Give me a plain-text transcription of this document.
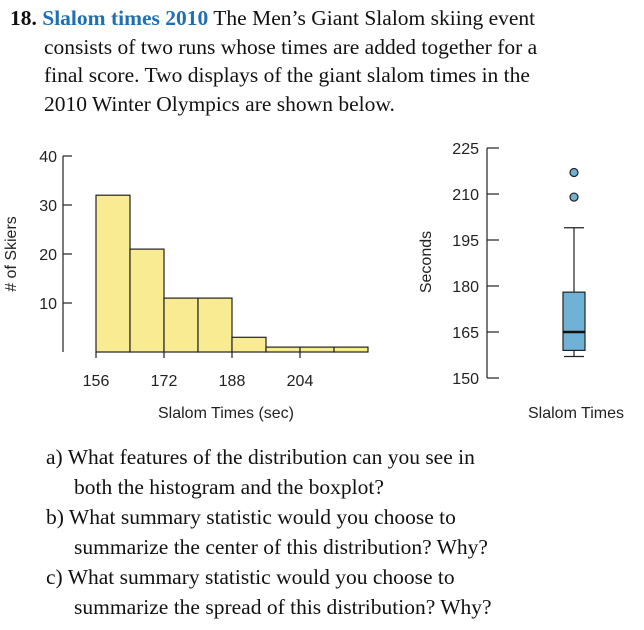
18. Slalom times 2010 The Men’s Giant Slalom skiing event
consists of two runs whose times are added together for a
final score. Two displays of the giant slalom times in the
2010 Winter Olympics are shown below.
10
20
30
40
156	172	188	204
# of Skiers
Slalom Times (sec)
150
165
180
195
210
225
Seconds
Slalom Times
a) What features of the distribution can you see in
both the histogram and the boxplot?
b) What summary statistic would you choose to
summarize the center of this distribution? Why?
c) What summary statistic would you choose to
summarize the spread of this distribution? Why?
